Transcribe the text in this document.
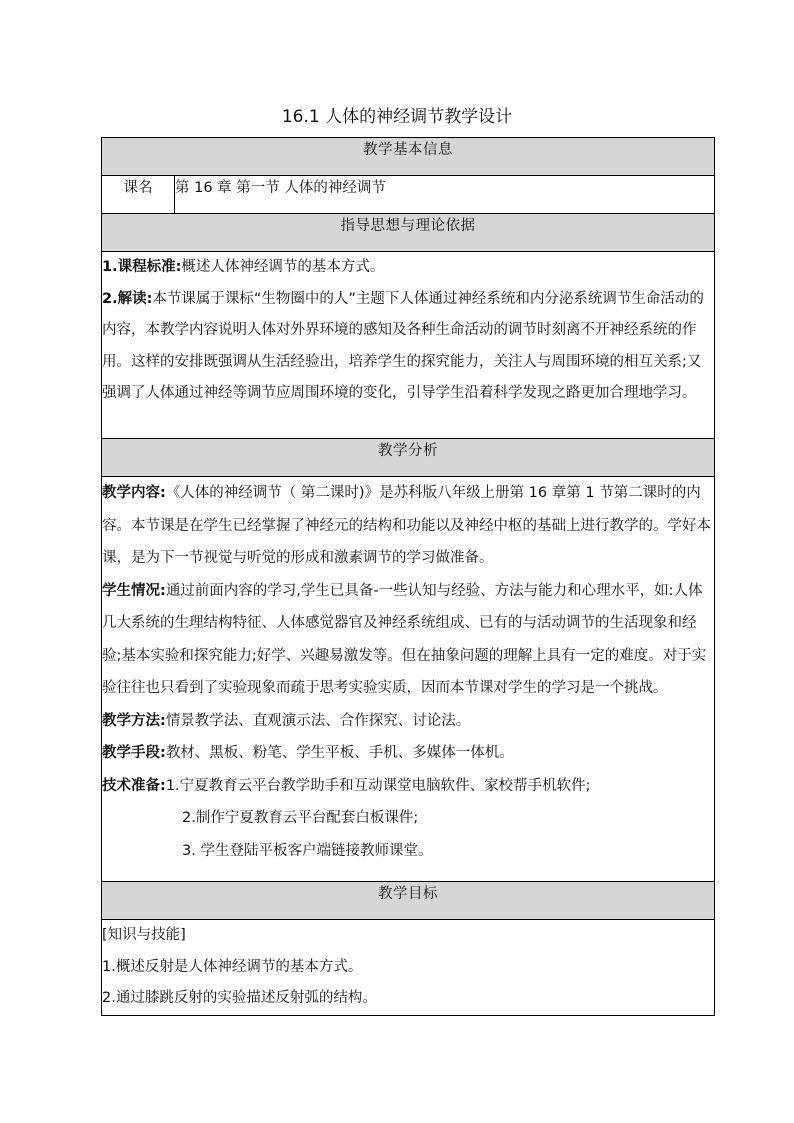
16.1 人体的神经调节教学设计
教学基本信息
课名	第 16 章 第一节 人体的神经调节
指导思想与理论依据

1.课程标准:概述人体神经调节的基本方式。

2.解读:本节课属于课标“生物圈中的人”主题下人体通过神经系统和内分泌系统调节生命活动的内容，本教学内容说明人体对外界环境的感知及各种生命活动的调节时刻离不开神经系统的作用。这样的安排既强调从生活经验出，培养学生的探究能力，关注人与周围环境的相互关系;又强调了人体通过神经等调节应周围环境的变化，引导学生沿着科学发现之路更加合理地学习。

教学分析

教学内容:《人体的神经调节（ 第二课时)》是苏科版八年级上册第 16 章第 1 节第二课时的内容。本节课是在学生已经掌握了神经元的结构和功能以及神经中枢的基础上进行教学的。学好本课，是为下一节视觉与听觉的形成和激素调节的学习做准备。

学生情况:通过前面内容的学习,学生已具备-一些认知与经验、方法与能力和心理水平，如:人体几大系统的生理结构特征、人体感觉器官及神经系统组成、已有的与活动调节的生活现象和经验;基本实验和探究能力;好学、兴趣易激发等。但在抽象问题的理解上具有一定的难度。对于实验往往也只看到了实验现象而疏于思考实验实质，因而本节课对学生的学习是一个挑战。

教学方法:情景教学法、直观演示法、合作探究、讨论法。

教学手段:教材、黑板、粉笔、学生平板、手机、多媒体一体机。

技术准备:1.宁夏教育云平台教学助手和互动课堂电脑软件、家校帮手机软件;

2.制作宁夏教育云平台配套白板课件;

3. 学生登陆平板客户端链接教师课堂。

教学目标

[知识与技能]

1.概述反射是人体神经调节的基本方式。

2.通过膝跳反射的实验描述反射弧的结构。
